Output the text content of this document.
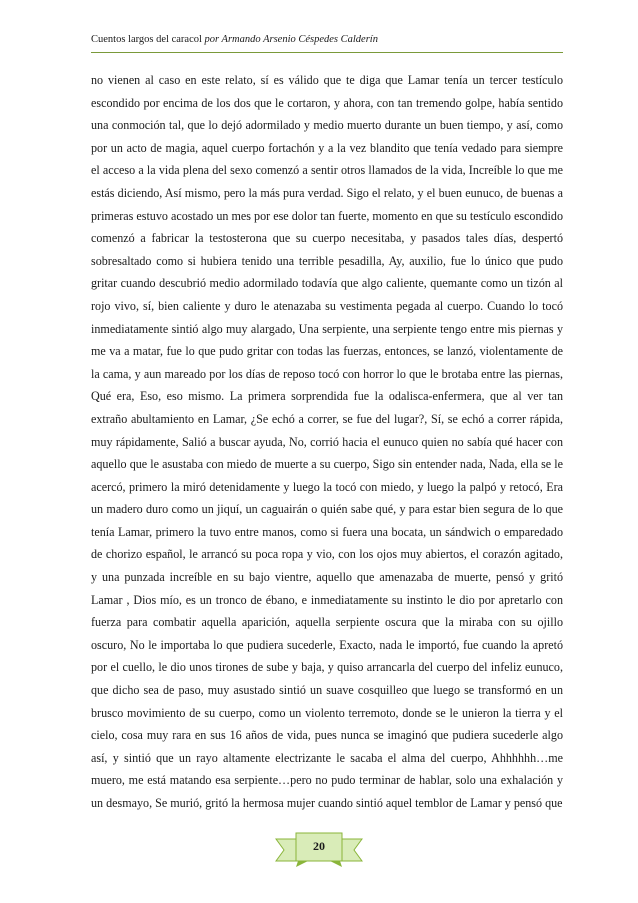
Cuentos largos del caracol por Armando Arsenio Céspedes Calderín

no vienen al caso en este relato, sí es válido que te diga que Lamar tenía un tercer testículo escondido por encima de los dos que le cortaron, y ahora, con tan tremendo golpe, había sentido una conmoción tal, que lo dejó adormilado y medio muerto durante un buen tiempo, y así, como por un acto de magia, aquel cuerpo fortachón y a la vez blandito que tenía vedado para siempre el acceso a la vida plena del sexo comenzó a sentir otros llamados de la vida, Increíble lo que me estás diciendo, Así mismo, pero la más pura verdad. Sigo el relato, y el buen eunuco, de buenas a primeras estuvo acostado un mes por ese dolor tan fuerte, momento en que su testículo escondido comenzó a fabricar la testosterona que su cuerpo necesitaba, y pasados tales días, despertó sobresaltado como si hubiera tenido una terrible pesadilla, Ay, auxilio, fue lo único que pudo gritar cuando descubrió medio adormilado todavía que algo caliente, quemante como un tizón al rojo vivo, sí, bien caliente y duro le atenazaba su vestimenta pegada al cuerpo. Cuando lo tocó inmediatamente sintió algo muy alargado, Una serpiente, una serpiente tengo entre mis piernas y me va a matar, fue lo que pudo gritar con todas las fuerzas, entonces, se lanzó, violentamente de la cama, y aun mareado por los días de reposo tocó con horror lo que le brotaba entre las piernas, Qué era, Eso, eso mismo. La primera sorprendida fue la odalisca-enfermera, que al ver tan extraño abultamiento en Lamar, ¿Se echó a correr, se fue del lugar?, Sí, se echó a correr rápida, muy rápidamente, Salió a buscar ayuda, No, corrió hacia el eunuco quien no sabía qué hacer con aquello que le asustaba con miedo de muerte a su cuerpo, Sigo sin entender nada, Nada, ella se le acercó, primero la miró detenidamente y luego la tocó con miedo, y luego la palpó y retocó, Era un madero duro como un jiquí, un caguairán o quién sabe qué, y para estar bien segura de lo que tenía Lamar, primero la tuvo entre manos, como si fuera una bocata, un sándwich o emparedado de chorizo español, le arrancó su poca ropa y vio, con los ojos muy abiertos, el corazón agitado, y una punzada increíble en su bajo vientre, aquello que amenazaba de muerte, pensó y gritó Lamar , Dios mío, es un tronco de ébano, e inmediatamente su instinto le dio por apretarlo con fuerza para combatir aquella aparición, aquella serpiente oscura que la miraba con su ojillo oscuro, No le importaba lo que pudiera sucederle, Exacto, nada le importó, fue cuando la apretó por el cuello, le dio unos tirones de sube y baja, y quiso arrancarla del cuerpo del infeliz eunuco, que dicho sea de paso, muy asustado sintió un suave cosquilleo que luego se transformó en un brusco movimiento de su cuerpo, como un violento terremoto, donde se le unieron la tierra y el cielo, cosa muy rara en sus 16 años de vida, pues nunca se imaginó que pudiera sucederle algo así, y sintió que un rayo altamente electrizante le sacaba el alma del cuerpo, Ahhhhhh…me muero, me está matando esa serpiente…pero no pudo terminar de hablar, solo una exhalación y un desmayo, Se murió, gritó la hermosa mujer cuando sintió aquel temblor de Lamar y pensó que

20
